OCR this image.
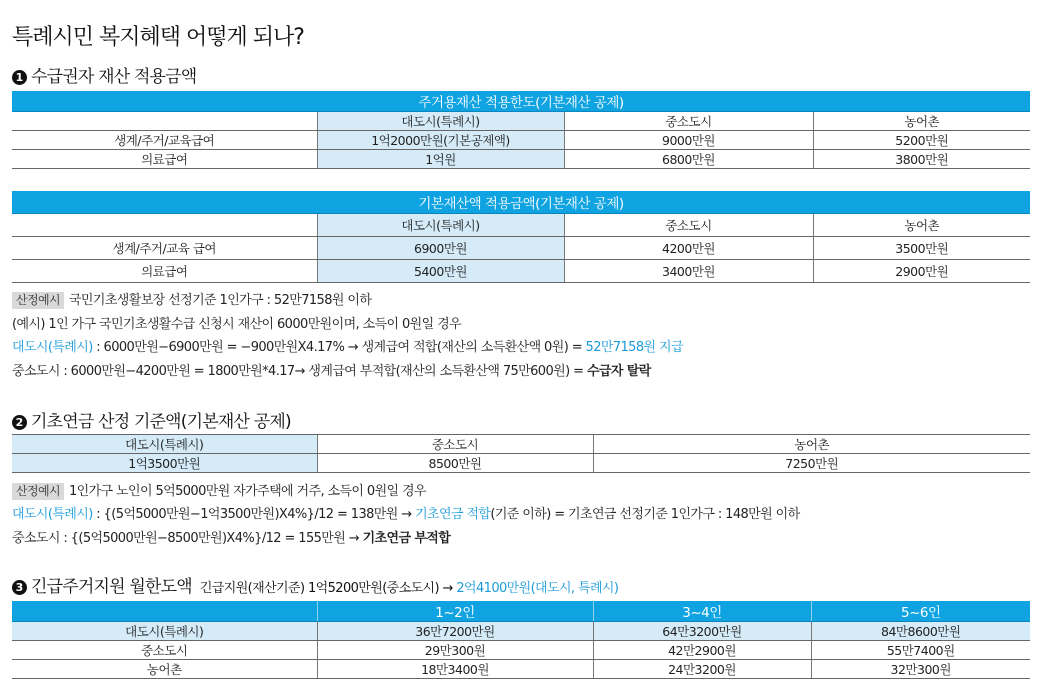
특례시민 복지혜택 어떻게 되나?
1 수급권자 재산 적용금액
주거용재산 적용한도(기본재산 공제)			
	대도시(특례시)	중소도시	농어촌
생계/주거/교육급여	1억2000만원(기본공제액)	9000만원	5200만원
의료급여	1억원	6800만원	3800만원
기본재산액 적용금액(기본재산 공제)			
	대도시(특례시)	중소도시	농어촌
생계/주거/교육 급여	6900만원	4200만원	3500만원
의료급여	5400만원	3400만원	2900만원
산정예시 국민기초생활보장 선정기준 1인가구 : 52만7158원 이하
(예시) 1인 가구 국민기초생활수급 신청시 재산이 6000만원이며, 소득이 0원일 경우
대도시(특례시) : 6000만원−6900만원 = −900만원X4.17% → 생계급여 적합(재산의 소득환산액 0원) = 52만7158원 지급
중소도시 : 6000만원−4200만원 = 1800만원*4.17→ 생계급여 부적합(재산의 소득환산액 75만600원) = 수급자 탈락
2 기초연금 산정 기준액(기본재산 공제)
대도시(특례시)	중소도시	농어촌
1억3500만원	8500만원	7250만원
산정예시 1인가구 노인이 5억5000만원 자가주택에 거주, 소득이 0원일 경우
대도시(특례시) : {(5억5000만원−1억3500만원)X4%}/12 = 138만원 → 기초연금 적합(기준 이하) = 기초연금 선정기준 1인가구 : 148만원 이하
중소도시 : {(5억5000만원−8500만원)X4%}/12 = 155만원 → 기초연금 부적합
3 긴급주거지원 월한도액 긴급지원(재산기준) 1억5200만원(중소도시) → 2억4100만원(대도시, 특례시)
	1~2인	3~4인	5~6인
대도시(특례시)	36만7200만원	64만3200만원	84만8600만원
중소도시	29만300원	42만2900원	55만7400원
농어촌	18만3400원	24만3200원	32만300원
